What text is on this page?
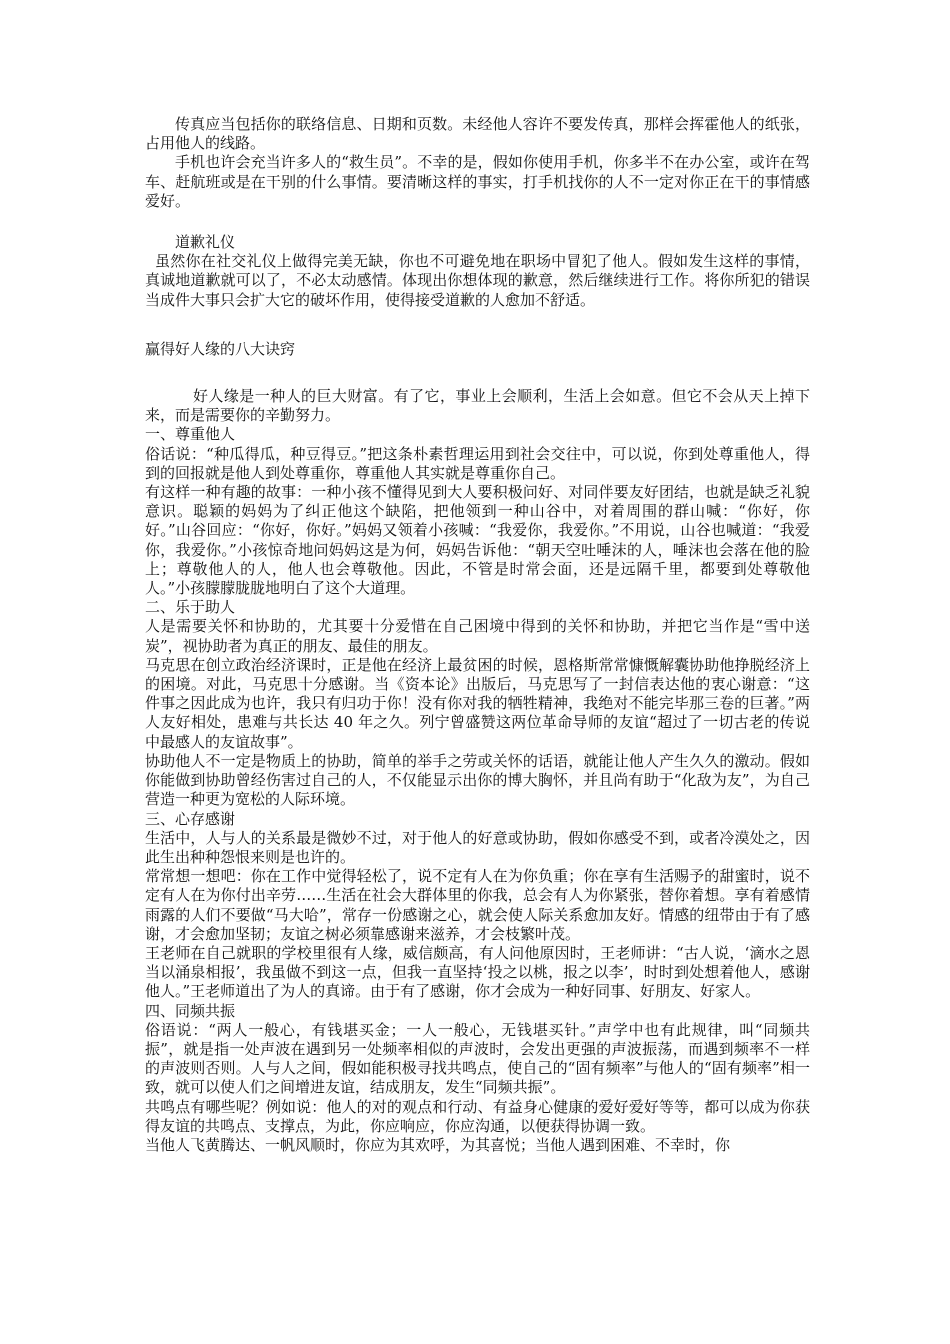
传真应当包括你的联络信息、日期和页数。未经他人容许不要发传真，那样会挥霍他人的纸张，占用他人的线路。

手机也许会充当许多人的“救生员”。不幸的是，假如你使用手机，你多半不在办公室，或许在驾车、赶航班或是在干别的什么事情。要清晰这样的事实，打手机找你的人不一定对你正在干的事情感爱好。

道歉礼仪

虽然你在社交礼仪上做得完美无缺，你也不可避免地在职场中冒犯了他人。假如发生这样的事情，真诚地道歉就可以了，不必太动感情。体现出你想体现的歉意，然后继续进行工作。将你所犯的错误当成件大事只会扩大它的破坏作用，使得接受道歉的人愈加不舒适。

赢得好人缘的八大诀窍

好人缘是一种人的巨大财富。有了它，事业上会顺利，生活上会如意。但它不会从天上掉下来，而是需要你的辛勤努力。

一、尊重他人

俗话说：“种瓜得瓜，种豆得豆。”把这条朴素哲理运用到社会交往中，可以说，你到处尊重他人，得到的回报就是他人到处尊重你，尊重他人其实就是尊重你自己。

有这样一种有趣的故事：一种小孩不懂得见到大人要积极问好、对同伴要友好团结，也就是缺乏礼貌意识。聪颖的妈妈为了纠正他这个缺陷，把他领到一种山谷中，对着周围的群山喊：“你好，你好。”山谷回应：“你好，你好。”妈妈又领着小孩喊：“我爱你，我爱你。”不用说，山谷也喊道：“我爱你，我爱你。”小孩惊奇地问妈妈这是为何，妈妈告诉他：“朝天空吐唾沫的人，唾沫也会落在他的脸上；尊敬他人的人，他人也会尊敬他。因此，不管是时常会面，还是远隔千里，都要到处尊敬他人。”小孩朦朦胧胧地明白了这个大道理。

二、乐于助人

人是需要关怀和协助的，尤其要十分爱惜在自己困境中得到的关怀和协助，并把它当作是“雪中送炭”，视协助者为真正的朋友、最佳的朋友。

马克思在创立政治经济课时，正是他在经济上最贫困的时候，恩格斯常常慷慨解囊协助他挣脱经济上的困境。对此，马克思十分感谢。当《资本论》出版后，马克思写了一封信表达他的衷心谢意：“这件事之因此成为也许，我只有归功于你！没有你对我的牺牲精神，我绝对不能完毕那三卷的巨著。”两人友好相处，患难与共长达 40 年之久。列宁曾盛赞这两位革命导师的友谊“超过了一切古老的传说中最感人的友谊故事”。

协助他人不一定是物质上的协助，简单的举手之劳或关怀的话语，就能让他人产生久久的激动。假如你能做到协助曾经伤害过自己的人，不仅能显示出你的博大胸怀，并且尚有助于“化敌为友”，为自己营造一种更为宽松的人际环境。

三、心存感谢

生活中，人与人的关系最是微妙不过，对于他人的好意或协助，假如你感受不到，或者冷漠处之，因此生出种种怨恨来则是也许的。

常常想一想吧：你在工作中觉得轻松了，说不定有人在为你负重；你在享有生活赐予的甜蜜时，说不定有人在为你付出辛劳……生活在社会大群体里的你我，总会有人为你紧张，替你着想。享有着感情雨露的人们不要做“马大哈”，常存一份感谢之心，就会使人际关系愈加友好。情感的纽带由于有了感谢，才会愈加坚韧；友谊之树必须靠感谢来滋养，才会枝繁叶茂。

王老师在自己就职的学校里很有人缘，威信颇高，有人问他原因时，王老师讲：“古人说，‘滴水之恩当以涌泉相报’，我虽做不到这一点，但我一直坚持‘投之以桃，报之以李’，时时到处想着他人，感谢他人。”王老师道出了为人的真谛。由于有了感谢，你才会成为一种好同事、好朋友、好家人。

四、同频共振

俗语说：“两人一般心，有钱堪买金；一人一般心，无钱堪买针。”声学中也有此规律，叫“同频共振”，就是指一处声波在遇到另一处频率相似的声波时，会发出更强的声波振荡，而遇到频率不一样的声波则否则。人与人之间，假如能积极寻找共鸣点，使自己的“固有频率”与他人的“固有频率”相一致，就可以使人们之间增进友谊，结成朋友，发生“同频共振”。

共鸣点有哪些呢？例如说：他人的对的观点和行动、有益身心健康的爱好爱好等等，都可以成为你获得友谊的共鸣点、支撑点，为此，你应响应，你应沟通，以便获得协调一致。

当他人飞黄腾达、一帆风顺时，你应为其欢呼，为其喜悦；当他人遇到困难、不幸时，你
